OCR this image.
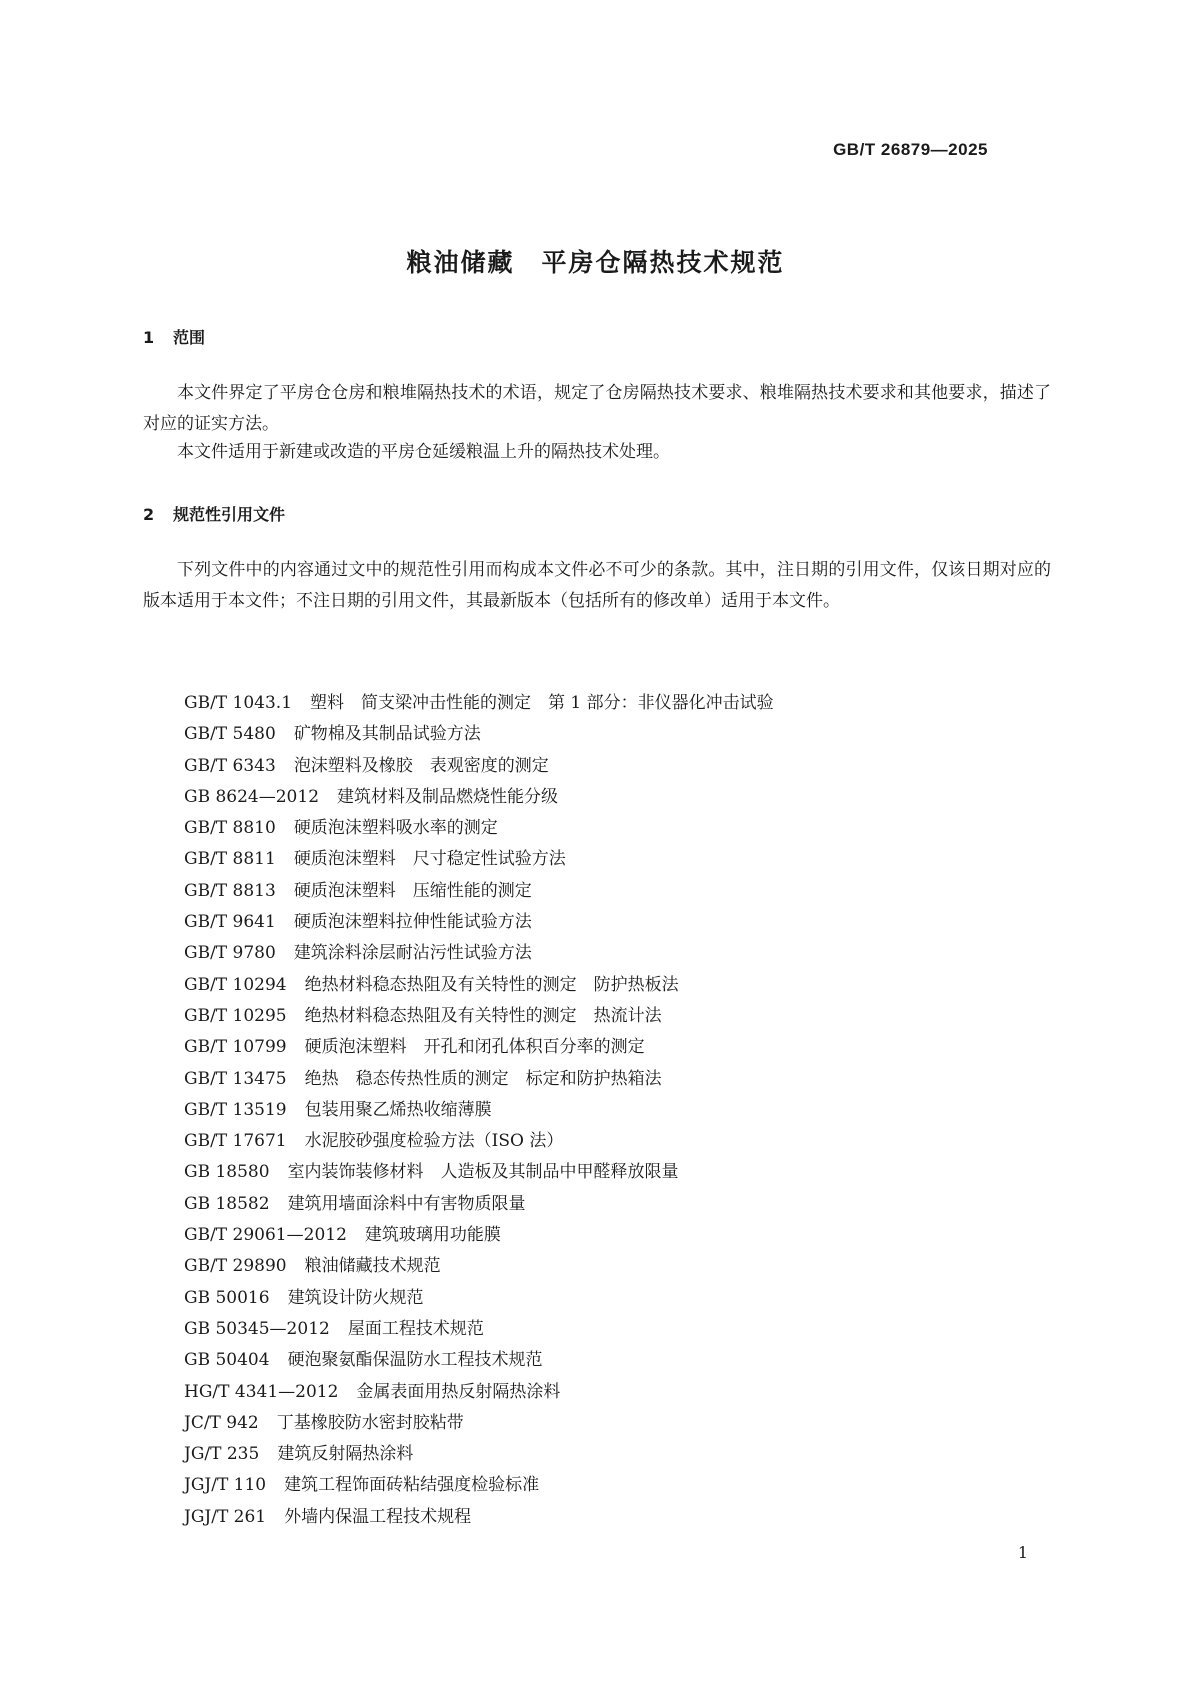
GB/T 26879—2025
粮油储藏　平房仓隔热技术规范
1 范围

本文件界定了平房仓仓房和粮堆隔热技术的术语，规定了仓房隔热技术要求、粮堆隔热技术要求和其他要求，描述了对应的证实方法。

本文件适用于新建或改造的平房仓延缓粮温上升的隔热技术处理。

2 规范性引用文件

下列文件中的内容通过文中的规范性引用而构成本文件必不可少的条款。其中，注日期的引用文件，仅该日期对应的版本适用于本文件；不注日期的引用文件，其最新版本（包括所有的修改单）适用于本文件。

GB/T 1043.1 塑料　简支梁冲击性能的测定　第 1 部分：非仪器化冲击试验
GB/T 5480 矿物棉及其制品试验方法
GB/T 6343 泡沫塑料及橡胶　表观密度的测定
GB 8624—2012 建筑材料及制品燃烧性能分级
GB/T 8810 硬质泡沫塑料吸水率的测定
GB/T 8811 硬质泡沫塑料　尺寸稳定性试验方法
GB/T 8813 硬质泡沫塑料　压缩性能的测定
GB/T 9641 硬质泡沫塑料拉伸性能试验方法
GB/T 9780 建筑涂料涂层耐沾污性试验方法
GB/T 10294 绝热材料稳态热阻及有关特性的测定　防护热板法
GB/T 10295 绝热材料稳态热阻及有关特性的测定　热流计法
GB/T 10799 硬质泡沫塑料　开孔和闭孔体积百分率的测定
GB/T 13475 绝热　稳态传热性质的测定　标定和防护热箱法
GB/T 13519 包装用聚乙烯热收缩薄膜
GB/T 17671 水泥胶砂强度检验方法（ISO 法）
GB 18580 室内装饰装修材料　人造板及其制品中甲醛释放限量
GB 18582 建筑用墙面涂料中有害物质限量
GB/T 29061—2012 建筑玻璃用功能膜
GB/T 29890 粮油储藏技术规范
GB 50016 建筑设计防火规范
GB 50345—2012 屋面工程技术规范
GB 50404 硬泡聚氨酯保温防水工程技术规范
HG/T 4341—2012 金属表面用热反射隔热涂料
JC/T 942 丁基橡胶防水密封胶粘带
JG/T 235 建筑反射隔热涂料
JGJ/T 110 建筑工程饰面砖粘结强度检验标准
JGJ/T 261 外墙内保温工程技术规程
1
